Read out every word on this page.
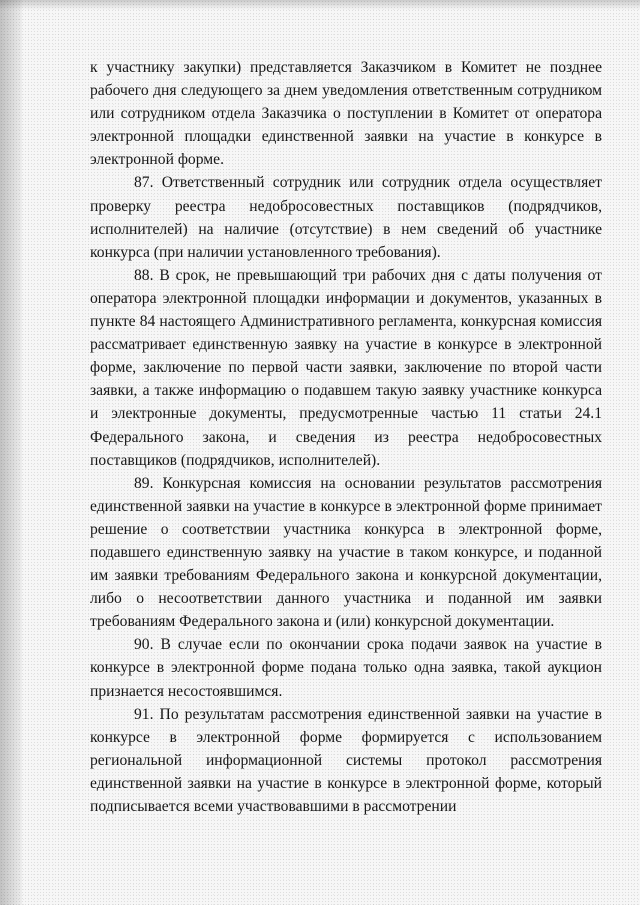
к участнику закупки) представляется Заказчиком в Комитет не позднее рабочего дня следующего за днем уведомления ответственным сотрудником или сотрудником отдела Заказчика о поступлении в Комитет от оператора электронной площадки единственной заявки на участие в конкурсе в электронной форме.

87. Ответственный сотрудник или сотрудник отдела осуществляет проверку реестра недобросовестных поставщиков (подрядчиков, исполнителей) на наличие (отсутствие) в нем сведений об участнике конкурса (при наличии установленного требования).

88. В срок, не превышающий три рабочих дня с даты получения от оператора электронной площадки информации и документов, указанных в пункте 84 настоящего Административного регламента, конкурсная комиссия рассматривает единственную заявку на участие в конкурсе в электронной форме, заключение по первой части заявки, заключение по второй части заявки, а также информацию о подавшем такую заявку участнике конкурса и электронные документы, предусмотренные частью 11 статьи 24.1 Федерального закона, и сведения из реестра недобросовестных поставщиков (подрядчиков, исполнителей).

89. Конкурсная комиссия на основании результатов рассмотрения единственной заявки на участие в конкурсе в электронной форме принимает решение о соответствии участника конкурса в электронной форме, подавшего единственную заявку на участие в таком конкурсе, и поданной им заявки требованиям Федерального закона и конкурсной документации, либо о несоответствии данного участника и поданной им заявки требованиям Федерального закона и (или) конкурсной документации.

90. В случае если по окончании срока подачи заявок на участие в конкурсе в электронной форме подана только одна заявка, такой аукцион признается несостоявшимся.

91. По результатам рассмотрения единственной заявки на участие в конкурсе в электронной форме формируется с использованием региональной информационной системы протокол рассмотрения единственной заявки на участие в конкурсе в электронной форме, который подписывается всеми участвовавшими в рассмотрении
